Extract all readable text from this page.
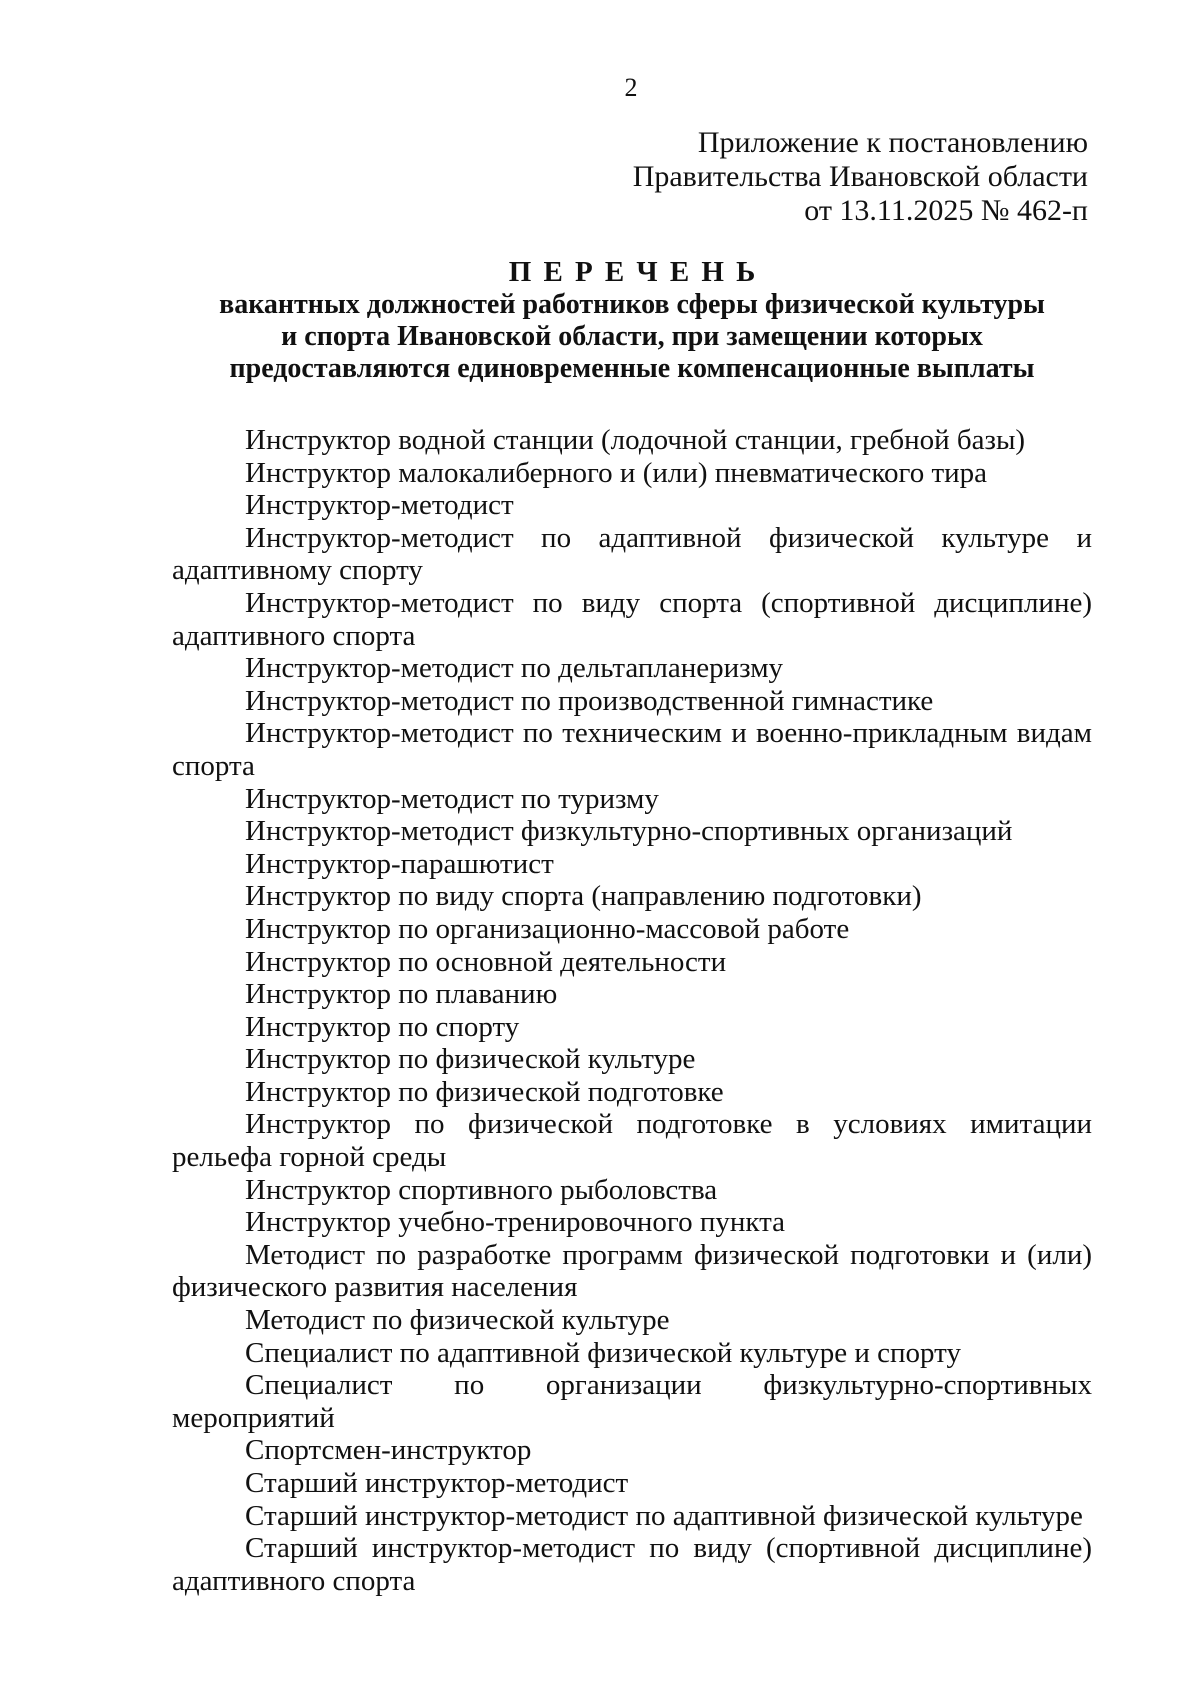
2
Приложение к постановлению
Правительства Ивановской области
от 13.11.2025 № 462-п
ПЕРЕЧЕНЬ
вакантных должностей работников сферы физической культуры
и спорта Ивановской области, при замещении которых
предоставляются единовременные компенсационные выплаты

Инструктор водной станции (лодочной станции, гребной базы)

Инструктор малокалиберного и (или) пневматического тира

Инструктор-методист

Инструктор-методист по адаптивной физической культуре и адаптивному спорту

Инструктор-методист по виду спорта (спортивной дисциплине) адаптивного спорта

Инструктор-методист по дельтапланеризму

Инструктор-методист по производственной гимнастике

Инструктор-методист по техническим и военно-прикладным видам спорта

Инструктор-методист по туризму

Инструктор-методист физкультурно-спортивных организаций

Инструктор-парашютист

Инструктор по виду спорта (направлению подготовки)

Инструктор по организационно-массовой работе

Инструктор по основной деятельности

Инструктор по плаванию

Инструктор по спорту

Инструктор по физической культуре

Инструктор по физической подготовке

Инструктор по физической подготовке в условиях имитации рельефа горной среды

Инструктор спортивного рыболовства

Инструктор учебно-тренировочного пункта

Методист по разработке программ физической подготовки и (или) физического развития населения

Методист по физической культуре

Специалист по адаптивной физической культуре и спорту

Специалист по организации физкультурно-спортивных мероприятий

Спортсмен-инструктор

Старший инструктор-методист

Старший инструктор-методист по адаптивной физической культуре

Старший инструктор-методист по виду (спортивной дисциплине) адаптивного спорта
